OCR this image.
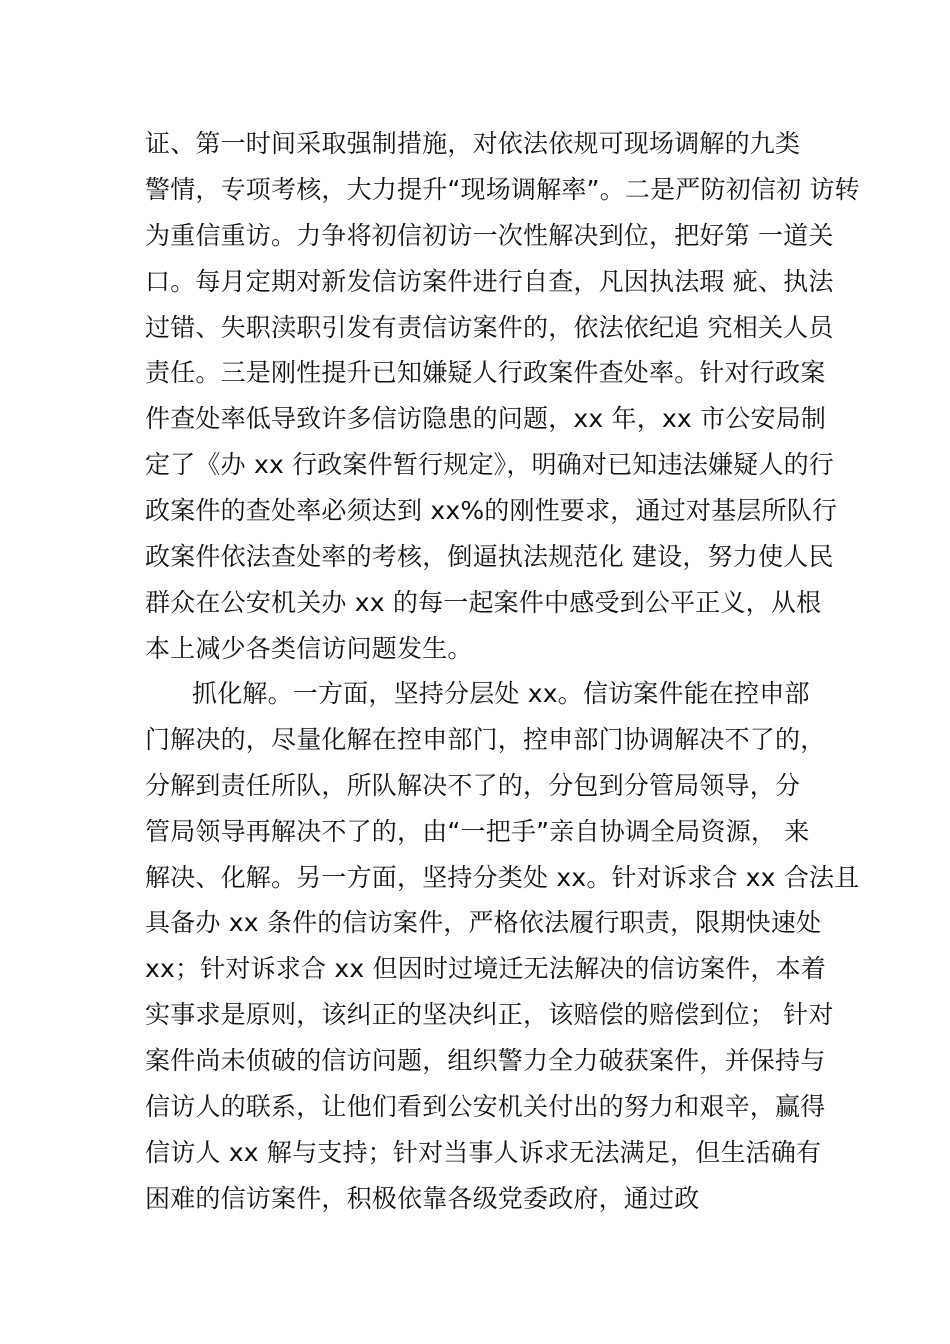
证、第一时间采取强制措施，对依法依规可现场调解的九类
警情，专项考核，大力提升“现场调解率”。二是严防初信初 访转
为重信重访。力争将初信初访一次性解决到位，把好第 一道关
口。每月定期对新发信访案件进行自查，凡因执法瑕 疵、执法
过错、失职渎职引发有责信访案件的，依法依纪追 究相关人员
责任。三是刚性提升已知嫌疑人行政案件查处率。针对行政案
件查处率低导致许多信访隐患的问题，xx 年，xx 市公安局制
定了《办 xx 行政案件暂行规定》，明确对已知违法嫌疑人的行
政案件的查处率必须达到 xx%的刚性要求，通过对基层所队行
政案件依法查处率的考核，倒逼执法规范化 建设，努力使人民
群众在公安机关办 xx 的每一起案件中感受到公平正义，从根
本上减少各类信访问题发生。
抓化解。一方面，坚持分层处 xx。信访案件能在控申部
门解决的，尽量化解在控申部门，控申部门协调解决不了的，
分解到责任所队，所队解决不了的，分包到分管局领导，分
管局领导再解决不了的，由“一把手”亲自协调全局资源， 来
解决、化解。另一方面，坚持分类处 xx。针对诉求合 xx 合法且
具备办 xx 条件的信访案件，严格依法履行职责，限期快速处
xx；针对诉求合 xx 但因时过境迁无法解决的信访案件，本着
实事求是原则，该纠正的坚决纠正，该赔偿的赔偿到位； 针对
案件尚未侦破的信访问题，组织警力全力破获案件，并保持与
信访人的联系，让他们看到公安机关付出的努力和艰辛，赢得
信访人 xx 解与支持；针对当事人诉求无法满足，但生活确有
困难的信访案件，积极依靠各级党委政府，通过政
